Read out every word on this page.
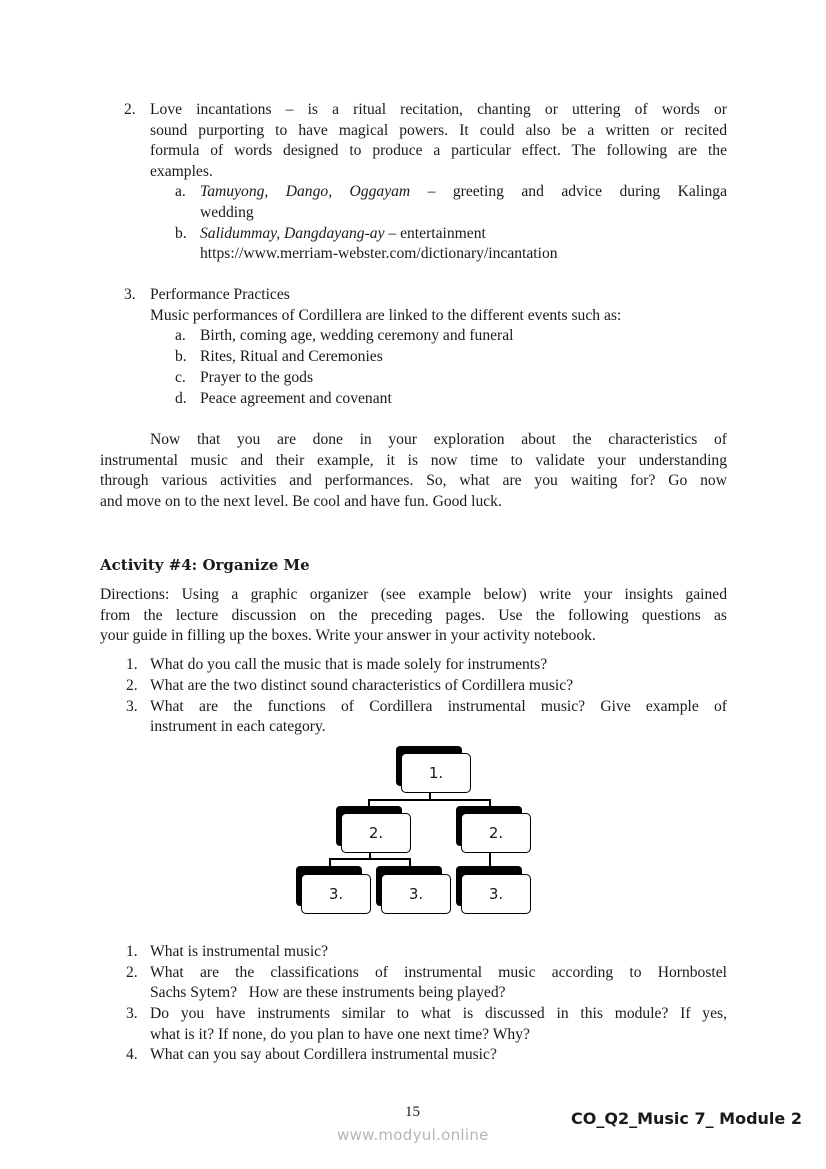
2. Love incantations – is a ritual recitation, chanting or uttering of words or
sound purporting to have magical powers. It could also be a written or recited
formula of words designed to produce a particular effect. The following are the
examples.
a. Tamuyong, Dango, Oggayam – greeting and advice during Kalinga
wedding
b. Salidummay, Dangdayang-ay – entertainment
https://www.merriam-webster.com/dictionary/incantation
3. Performance Practices
Music performances of Cordillera are linked to the different events such as:
a. Birth, coming age, wedding ceremony and funeral
b. Rites, Ritual and Ceremonies
c. Prayer to the gods
d. Peace agreement and covenant
Now that you are done in your exploration about the characteristics of
instrumental music and their example, it is now time to validate your understanding
through various activities and performances. So, what are you waiting for? Go now
and move on to the next level. Be cool and have fun. Good luck.
Activity #4: Organize Me
Directions: Using a graphic organizer (see example below) write your insights gained
from the lecture discussion on the preceding pages. Use the following questions as
your guide in filling up the boxes. Write your answer in your activity notebook.
1. What do you call the music that is made solely for instruments?
2. What are the two distinct sound characteristics of Cordillera music?
3. What are the functions of Cordillera instrumental music? Give example of
instrument in each category.
1.
2.	2.
3.	3.	3.
1. What is instrumental music?
2. What are the classifications of instrumental music according to Hornbostel
Sachs Sytem?   How are these instruments being played?
3. Do you have instruments similar to what is discussed in this module? If yes,
what is it? If none, do you plan to have one next time? Why?
4. What can you say about Cordillera instrumental music?
15	CO_Q2_Music 7_ Module 2
www.modyul.online
